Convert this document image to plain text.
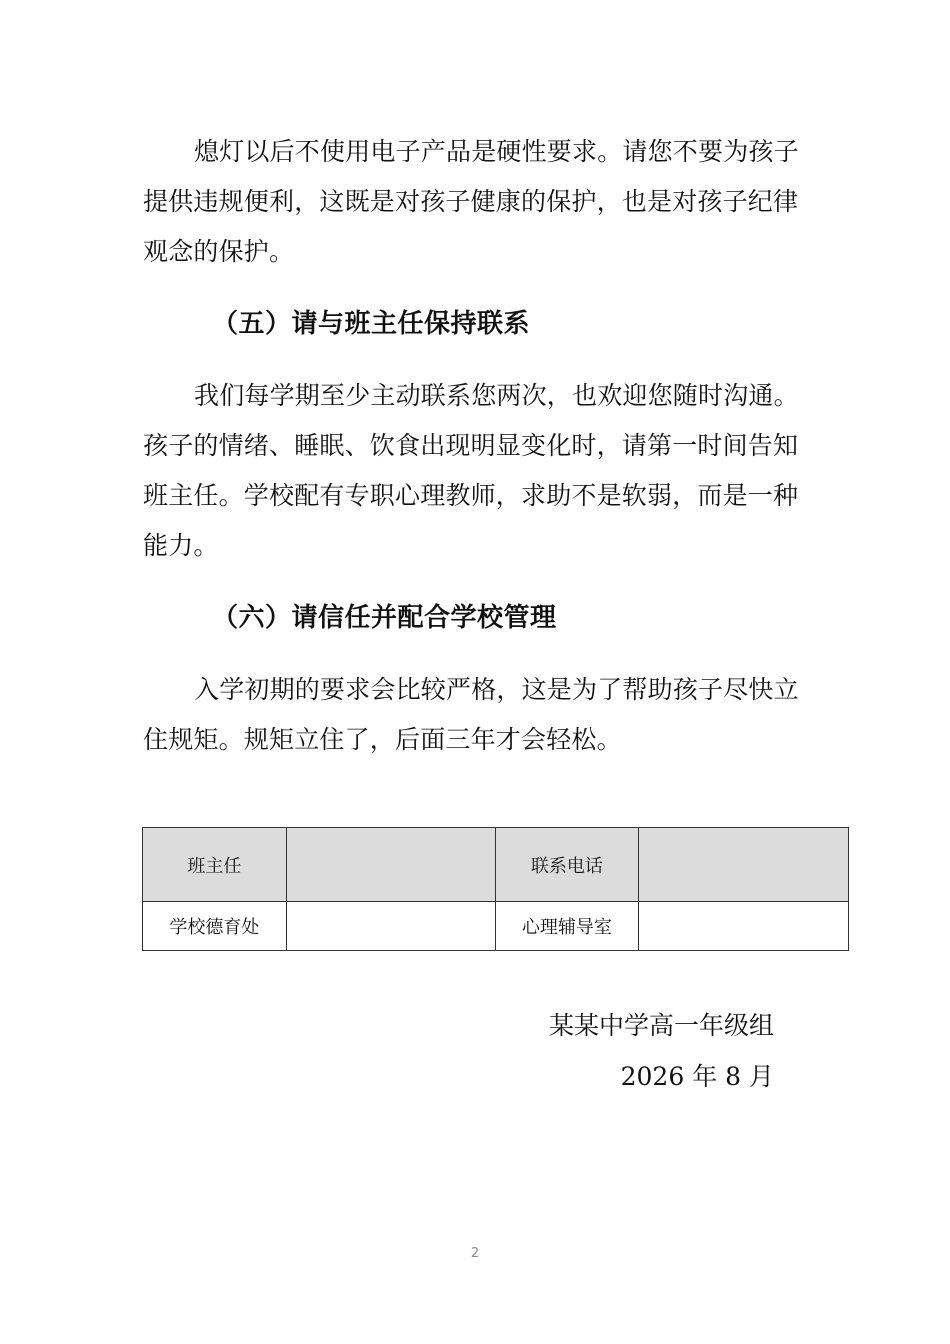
熄灯以后不使用电子产品是硬性要求。请您不要为孩子提供违规便利，这既是对孩子健康的保护，也是对孩子纪律观念的保护。

（五）请与班主任保持联系

我们每学期至少主动联系您两次，也欢迎您随时沟通。孩子的情绪、睡眠、饮食出现明显变化时，请第一时间告知班主任。学校配有专职心理教师，求助不是软弱，而是一种能力。

（六）请信任并配合学校管理

入学初期的要求会比较严格，这是为了帮助孩子尽快立住规矩。规矩立住了，后面三年才会轻松。

班主任		联系电话	
学校德育处		心理辅导室	

某某中学高一年级组

2026 年 8 月

2
